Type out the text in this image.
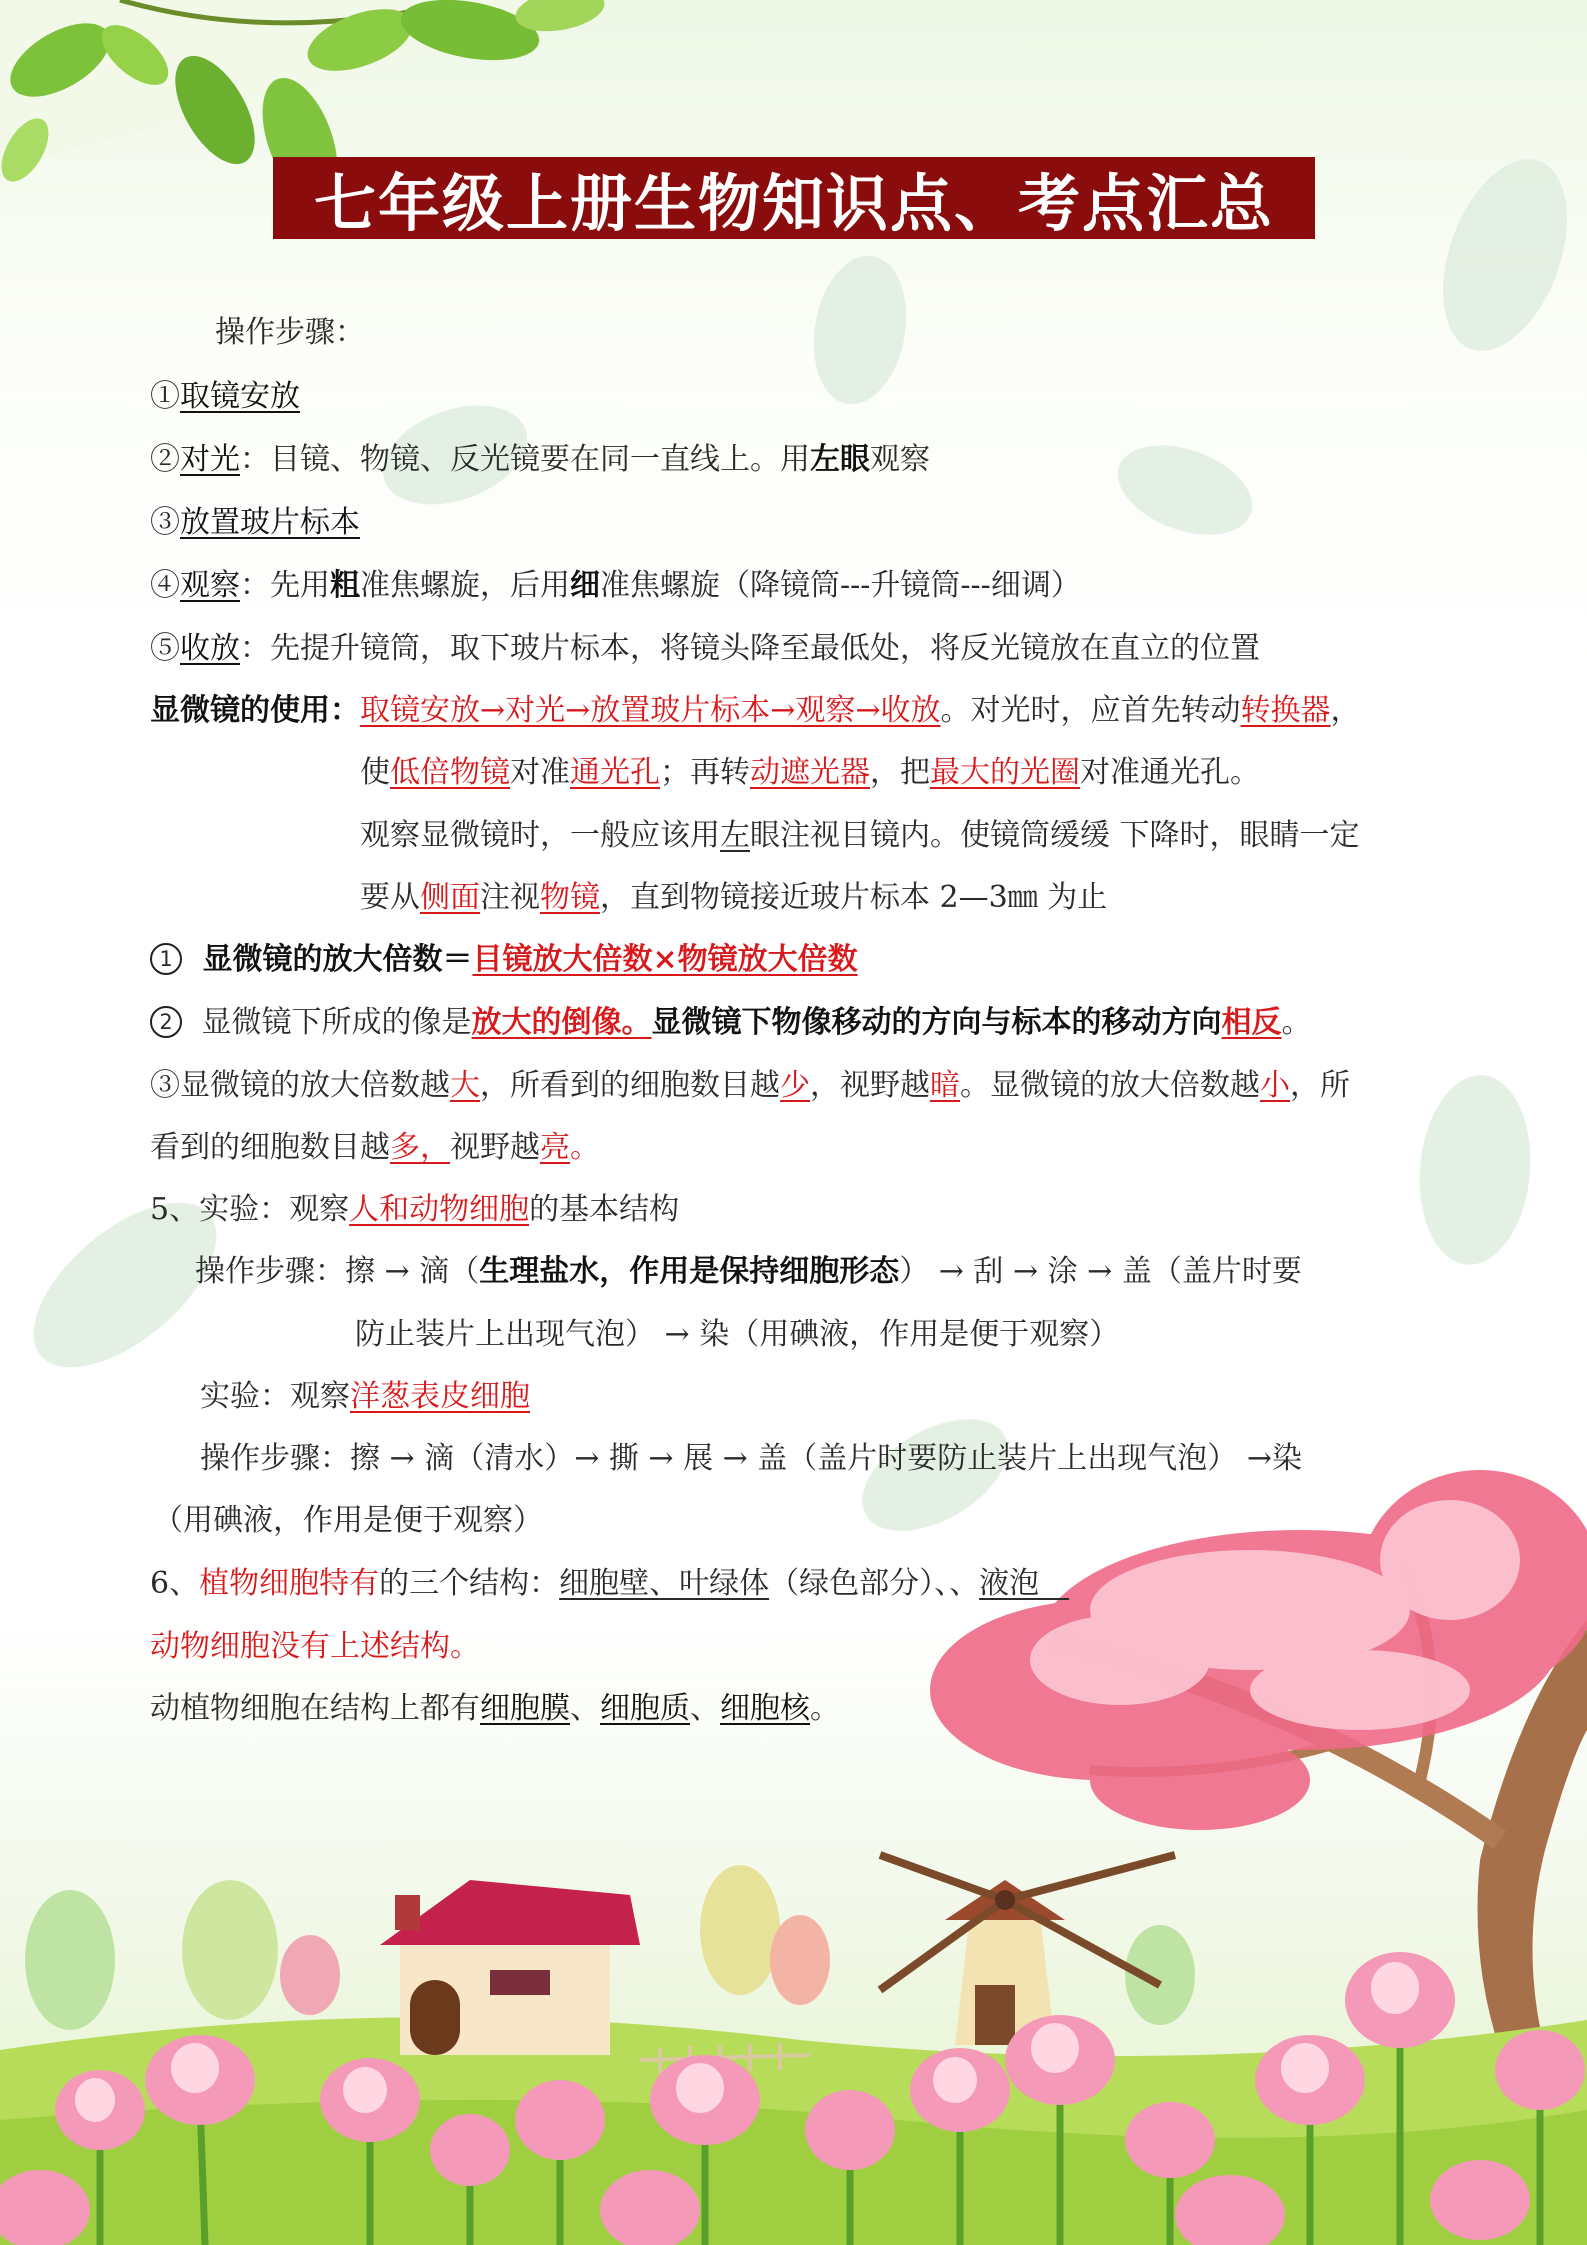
七年级上册生物知识点、考点汇总
操作步骤：
①取镜安放
②对光：目镜、物镜、反光镜要在同一直线上。用左眼观察
③放置玻片标本
④观察：先用粗准焦螺旋，后用细准焦螺旋（降镜筒---升镜筒---细调）
⑤收放：先提升镜筒，取下玻片标本，将镜头降至最低处，将反光镜放在直立的位置
显微镜的使用：取镜安放→对光→放置玻片标本→观察→收放。对光时，应首先转动转换器，
使低倍物镜对准通光孔；再转动遮光器，把最大的光圈对准通光孔。
观察显微镜时，一般应该用左眼注视目镜内。使镜筒缓缓 下降时，眼睛一定
要从侧面注视物镜，直到物镜接近玻片标本 2—3㎜ 为止
1 显微镜的放大倍数＝目镜放大倍数×物镜放大倍数
2 显微镜下所成的像是放大的倒像。显微镜下物像移动的方向与标本的移动方向相反。
③显微镜的放大倍数越大，所看到的细胞数目越少，视野越暗。显微镜的放大倍数越小，所
看到的细胞数目越多，视野越亮。
5、实验：观察人和动物细胞的基本结构
操作步骤：擦 → 滴（生理盐水，作用是保持细胞形态） → 刮 → 涂 → 盖（盖片时要
防止装片上出现气泡） → 染（用碘液，作用是便于观察）
实验：观察洋葱表皮细胞
操作步骤：擦 → 滴（清水）→ 撕 → 展 → 盖（盖片时要防止装片上出现气泡） →染
（用碘液，作用是便于观察）
6、植物细胞特有的三个结构：细胞壁、叶绿体（绿色部分）、、液泡　
动物细胞没有上述结构。
动植物细胞在结构上都有细胞膜、细胞质、细胞核。
